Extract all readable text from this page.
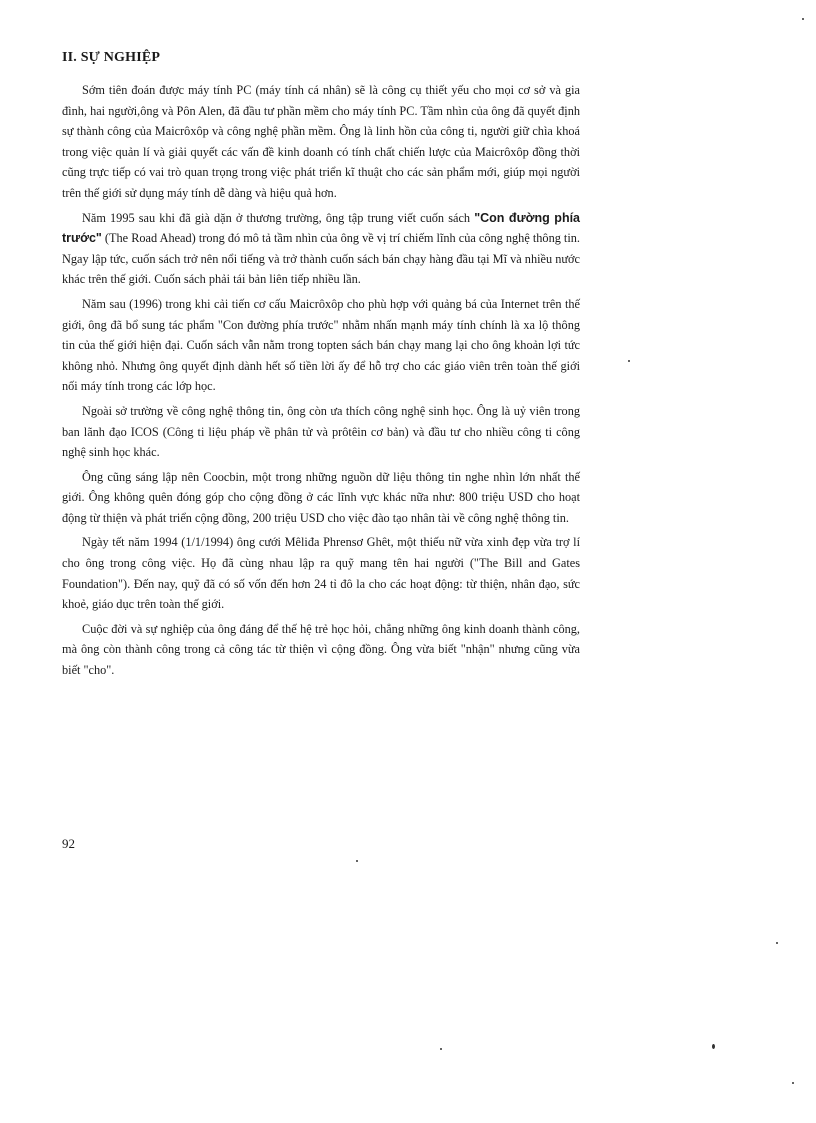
II. SỰ NGHIỆP

Sớm tiên đoán được máy tính PC (máy tính cá nhân) sẽ là công cụ thiết yếu cho mọi cơ sở và gia đình, hai người,ông và Pôn Alen, đã đầu tư phần mềm cho máy tính PC. Tầm nhìn của ông đã quyết định sự thành công của Maicrôxôp và công nghệ phần mềm. Ông là linh hồn của công ti, người giữ chìa khoá trong việc quản lí và giải quyết các vấn đề kinh doanh có tính chất chiến lược của Maicrôxôp đồng thời cũng trực tiếp có vai trò quan trọng trong việc phát triển kĩ thuật cho các sản phẩm mới, giúp mọi người trên thế giới sử dụng máy tính dễ dàng và hiệu quả hơn.

Năm 1995 sau khi đã già dặn ở thương trường, ông tập trung viết cuốn sách "Con đường phía trước" (The Road Ahead) trong đó mô tả tầm nhìn của ông về vị trí chiếm lĩnh của công nghệ thông tin. Ngay lập tức, cuốn sách trở nên nổi tiếng và trở thành cuốn sách bán chạy hàng đầu tại Mĩ và nhiều nước khác trên thế giới. Cuốn sách phải tái bản liên tiếp nhiều lần.

Năm sau (1996) trong khi cải tiến cơ cấu Maicrôxôp cho phù hợp với quảng bá của Internet trên thế giới, ông đã bổ sung tác phẩm "Con đường phía trước" nhằm nhấn mạnh máy tính chính là xa lộ thông tin của thế giới hiện đại. Cuốn sách vẫn nằm trong topten sách bán chạy mang lại cho ông khoản lợi tức không nhỏ. Nhưng ông quyết định dành hết số tiền lời ấy để hỗ trợ cho các giáo viên trên toàn thế giới nối máy tính trong các lớp học.

Ngoài sở trường về công nghệ thông tin, ông còn ưa thích công nghệ sinh học. Ông là uỷ viên trong ban lãnh đạo ICOS (Công ti liệu pháp về phân tử và prôtêin cơ bản) và đầu tư cho nhiều công ti công nghệ sinh học khác.

Ông cũng sáng lập nên Coocbin, một trong những nguồn dữ liệu thông tin nghe nhìn lớn nhất thế giới. Ông không quên đóng góp cho cộng đồng ở các lĩnh vực khác nữa như: 800 triệu USD cho hoạt động từ thiện và phát triển cộng đồng, 200 triệu USD cho việc đào tạo nhân tài về công nghệ thông tin.

Ngày tết năm 1994 (1/1/1994) ông cưới Mêliđa Phrensơ Ghêt, một thiếu nữ vừa xinh đẹp vừa trợ lí cho ông trong công việc. Họ đã cùng nhau lập ra quỹ mang tên hai người ("The Bill and Gates Foundation"). Đến nay, quỹ đã có số vốn đến hơn 24 tỉ đô la cho các hoạt động: từ thiện, nhân đạo, sức khoẻ, giáo dục trên toàn thế giới.

Cuộc đời và sự nghiệp của ông đáng để thế hệ trẻ học hỏi, chẳng những ông kinh doanh thành công, mà ông còn thành công trong cả công tác từ thiện vì cộng đồng. Ông vừa biết "nhận" nhưng cũng vừa biết "cho".

92
